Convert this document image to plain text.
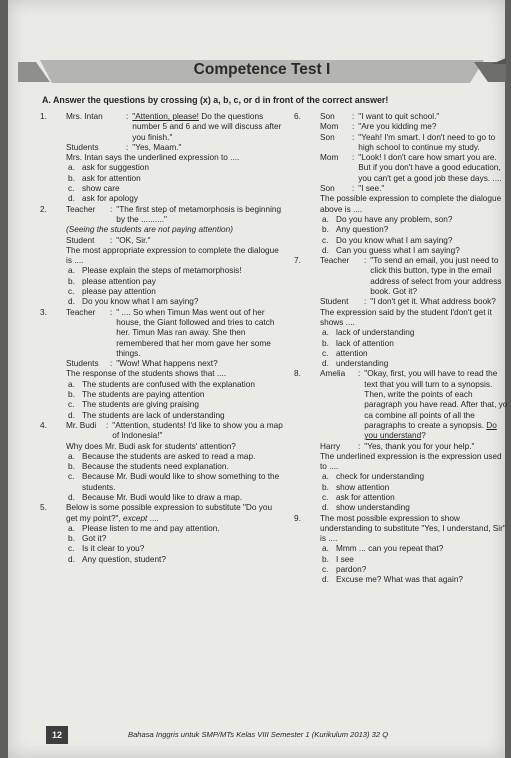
Competence Test I
A. Answer the questions by crossing (x) a, b, c, or d in front of the correct answer!
1. Mrs. Intan	: "Attention, please! Do the questions number 5 and 6 and we will discuss after you finish."
Students	: "Yes, Maam."
Mrs. Intan says the underlined expression to ....
a. ask for suggestion
b. ask for attention
c. show care
d. ask for apology
2. Teacher	: "The first step of metamorphosis is beginning by the .........."
(Seeing the students are not paying attention)
Student	: "OK, Sir."
The most appropriate expression to complete the dialogue is ....
a. Please explain the steps of metamorphosis!
b. please attention pay
c. please pay attention
d. Do you know what I am saying?
3. Teacher	: " .... So when Timun Mas went out of her house, the Giant followed and tries to catch her. Timun Mas ran away. She then remembered that her mom gave her some things.
Students	: "Wow! What happens next?
The response of the students shows that ....
a. The students are confused with the explanation
b. The students are paying attention
c. The students are giving praising
d. The students are lack of understanding
4. Mr. Budi	: "Attention, students! I'd like to show you a map of Indonesia!"
Why does Mr. Budi ask for students' attention?
a. Because the students are asked to read a map.
b. Because the students need explanation.
c. Because Mr. Budi would like to show something to the students.
d. Because Mr. Budi would like to draw a map.
5. Below is some possible expression to substitute "Do you get my point?", except ....
a. Please listen to me and pay attention.
b. Got it?
c. Is it clear to you?
d. Any question, student?
6. Son	: "I want to quit school."
Mom	: "Are you kidding me?
Son	: "Yeah! I'm smart. I don't need to go to high school to continue my study.
Mom	: "Look! I don't care how smart you are. But if you don't have a good education, you can't get a good job these days. ....
Son	: "I see."
The possible expression to complete the dialogue above is ....
a. Do you have any problem, son?
b. Any question?
c. Do you know what I am saying?
d. Can you guess what I am saying?
7. Teacher	: "To send an email, you just need to click this button, type in the email address of select from your address book. Got it?
Student	: "I don't get it. What address book?
The expression said by the student I'don't get it shows ....
a. lack of understanding
b. lack of attention
c. attention
d. understanding
8. Amelia	: "Okay, first, you will have to read the text that you will turn to a synopsis. Then, write the points of each paragraph you have read. After that, yo ca combine all points of all the paragraphs to create a synopsis. Do you understand?
Harry	: "Yes, thank you for your help."
The underlined expression is the expression used to ....
a. check for understanding
b. show attention
c. ask for attention
d. show understanding
9. The most possible expression to show understanding to substitute "Yes, I understand, Sir" is ....
a. Mmm ... can you repeat that?
b. I see
c. pardon?
d. Excuse me? What was that again?
12	Bahasa Inggris untuk SMP/MTs Kelas VIII Semester 1 (Kurikulum 2013) 32 Q
